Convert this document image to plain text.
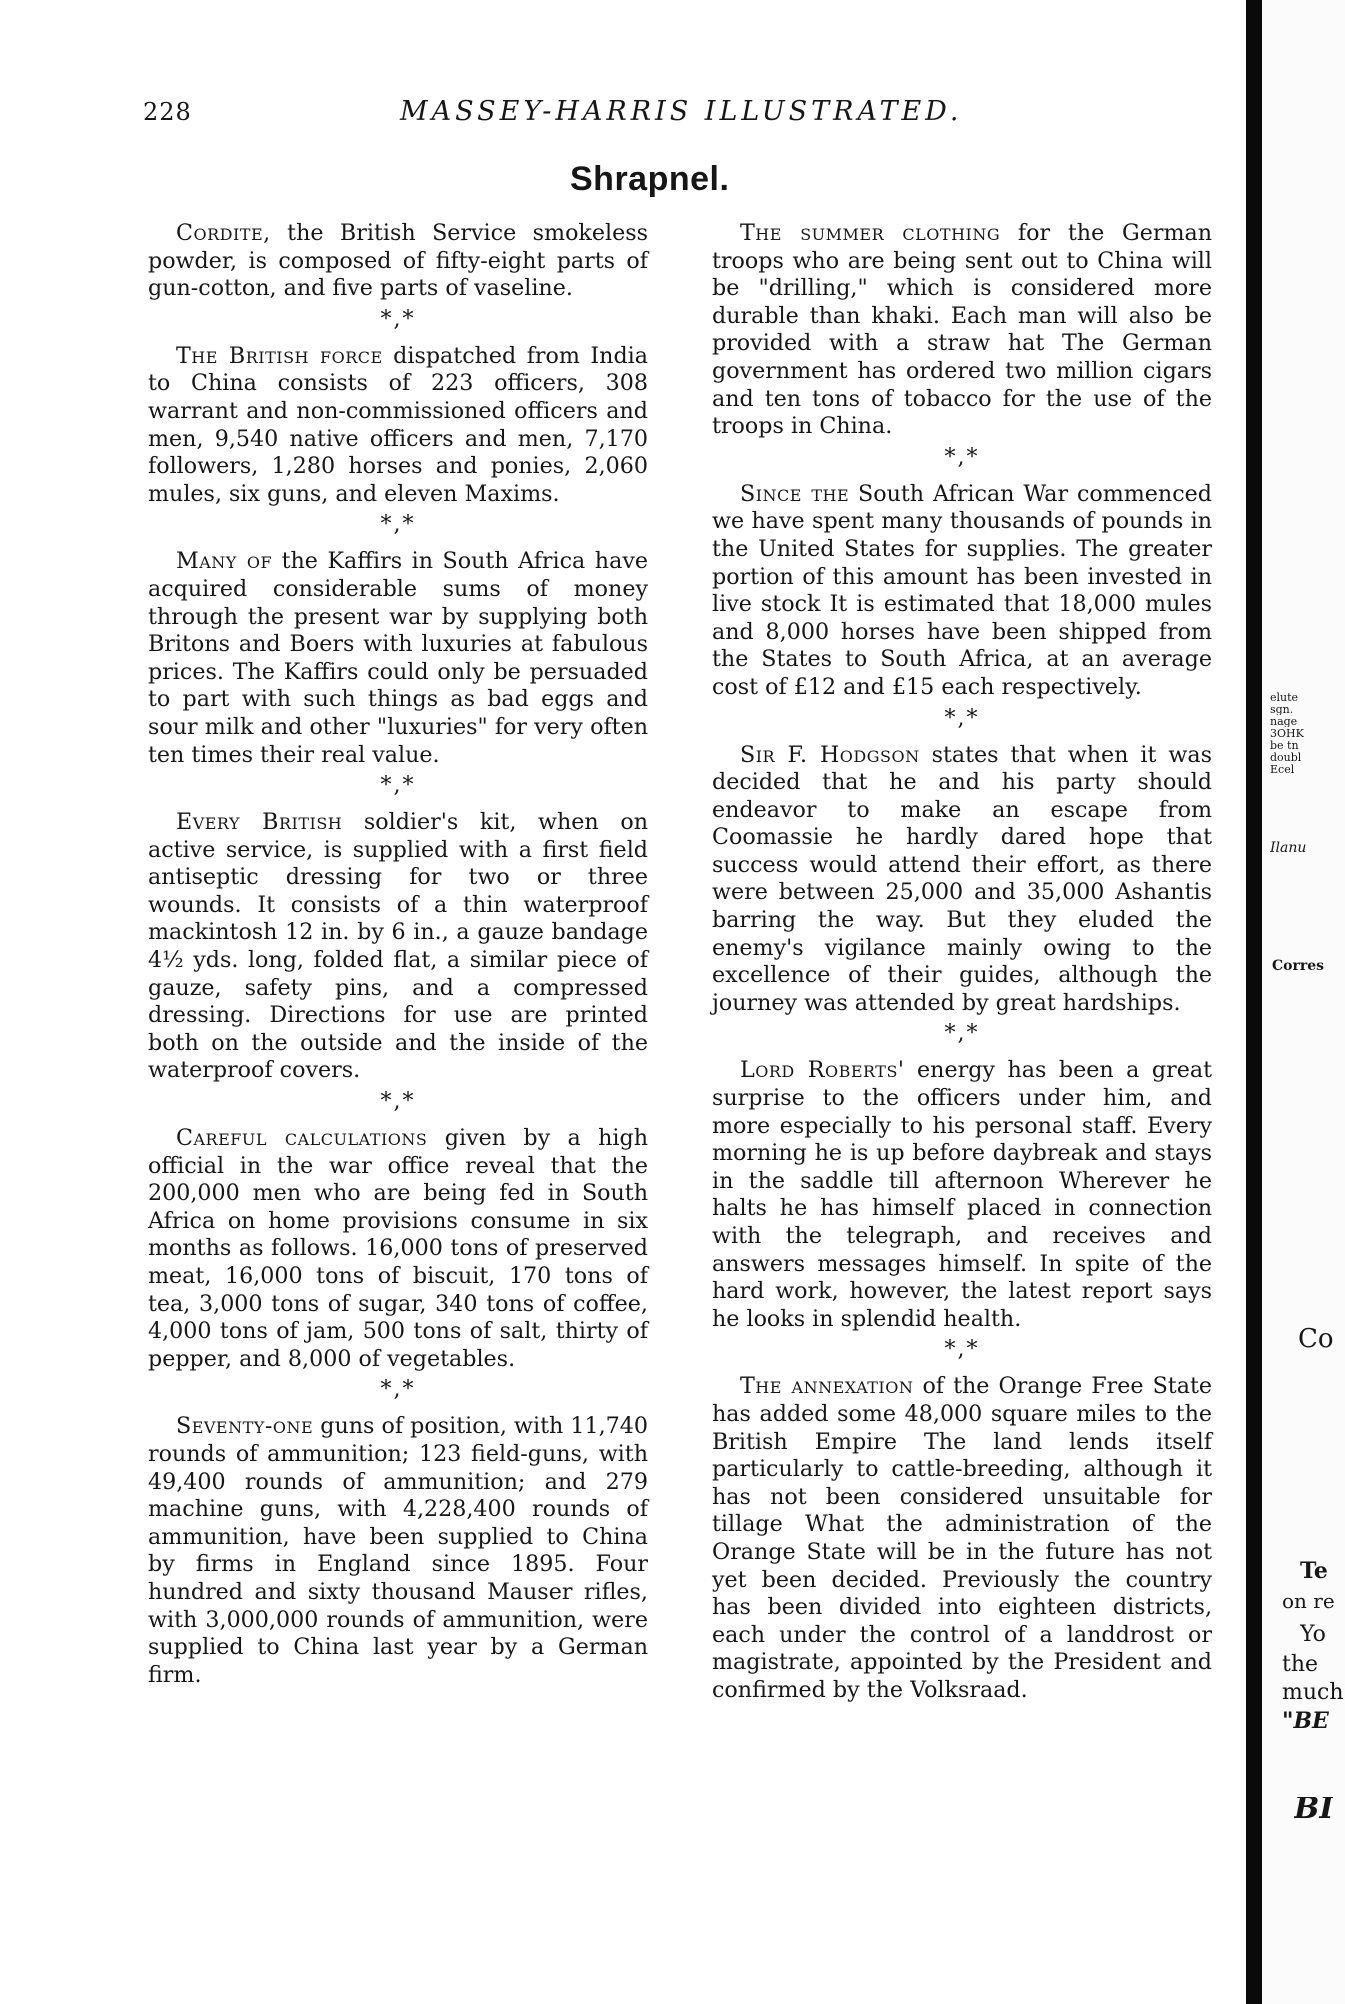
228	MASSEY-HARRIS ILLUSTRATED.
Shrapnel.

Cordite, the British Service smokeless powder, is composed of fifty-eight parts of gun-cotton, and five parts of vaseline.

*,*

The British force dispatched from India to China consists of 223 officers, 308 warrant and non-commissioned officers and men, 9,540 native officers and men, 7,170 followers, 1,280 horses and ponies, 2,060 mules, six guns, and eleven Maxims.

*,*

Many of the Kaffirs in South Africa have acquired considerable sums of money through the present war by supplying both Britons and Boers with luxuries at fabulous prices. The Kaffirs could only be persuaded to part with such things as bad eggs and sour milk and other "luxuries" for very often ten times their real value.

*,*

Every British soldier's kit, when on active service, is supplied with a first field antiseptic dressing for two or three wounds. It consists of a thin waterproof mackintosh 12 in. by 6 in., a gauze bandage 4½ yds. long, folded flat, a similar piece of gauze, safety pins, and a compressed dressing. Directions for use are printed both on the outside and the inside of the waterproof covers.

*,*

Careful calculations given by a high official in the war office reveal that the 200,000 men who are being fed in South Africa on home provisions consume in six months as follows. 16,000 tons of preserved meat, 16,000 tons of biscuit, 170 tons of tea, 3,000 tons of sugar, 340 tons of coffee, 4,000 tons of jam, 500 tons of salt, thirty of pepper, and 8,000 of vegetables.

*,*

Seventy-one guns of position, with 11,740 rounds of ammunition; 123 field-guns, with 49,400 rounds of ammunition; and 279 machine guns, with 4,228,400 rounds of ammunition, have been supplied to China by firms in England since 1895. Four hundred and sixty thousand Mauser rifles, with 3,000,000 rounds of ammunition, were supplied to China last year by a German firm.

The summer clothing for the German troops who are being sent out to China will be "drilling," which is considered more durable than khaki. Each man will also be provided with a straw hat The German government has ordered two million cigars and ten tons of tobacco for the use of the troops in China.

*,*

Since the South African War commenced we have spent many thousands of pounds in the United States for supplies. The greater portion of this amount has been invested in live stock It is estimated that 18,000 mules and 8,000 horses have been shipped from the States to South Africa, at an average cost of £12 and £15 each respectively.

*,*

Sir F. Hodgson states that when it was decided that he and his party should endeavor to make an escape from Coomassie he hardly dared hope that success would attend their effort, as there were between 25,000 and 35,000 Ashantis barring the way. But they eluded the enemy's vigilance mainly owing to the excellence of their guides, although the journey was attended by great hardships.

*,*

Lord Roberts' energy has been a great surprise to the officers under him, and more especially to his personal staff. Every morning he is up before daybreak and stays in the saddle till afternoon Wherever he halts he has himself placed in connection with the telegraph, and receives and answers messages himself. In spite of the hard work, however, the latest report says he looks in splendid health.

*,*

The annexation of the Orange Free State has added some 48,000 square miles to the British Empire The land lends itself particularly to cattle-breeding, although it has not been considered unsuitable for tillage What the administration of the Orange State will be in the future has not yet been decided. Previously the country has been divided into eighteen districts, each under the control of a landdrost or magistrate, appointed by the President and confirmed by the Volksraad.

elute
sgn.
nage
3OHK
be tn
doubl
Ecel
Ilanu
Corres
Co
Te
on re
Yo
the
much
"BE
BI
